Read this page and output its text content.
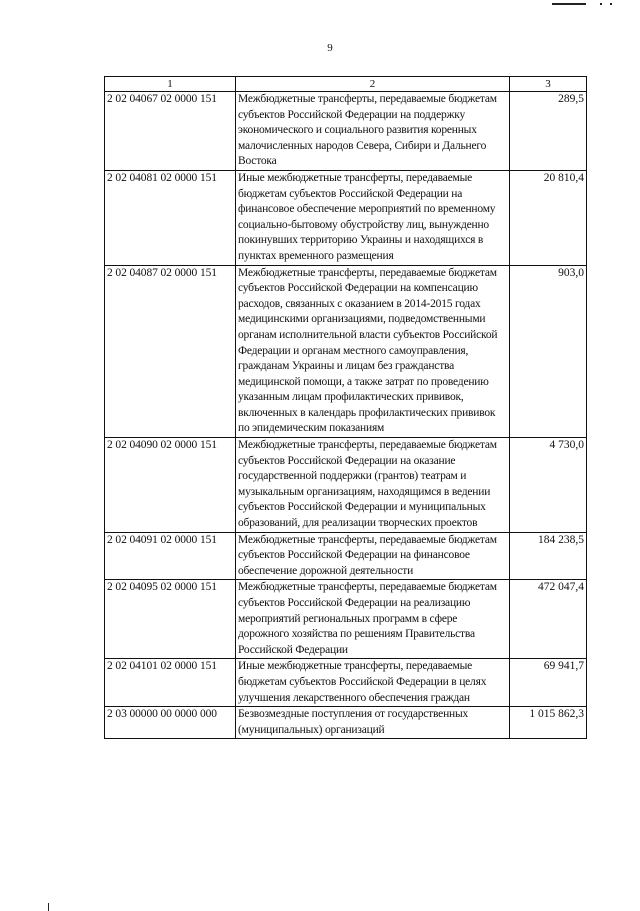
9
1	2	3
2 02 04067 02 0000 151	Межбюджетные трансферты, передаваемые бюджетам субъектов Российской Федерации на поддержку экономического и социального развития коренных малочисленных народов Севера, Сибири и Дальнего Востока	289,5
2 02 04081 02 0000 151	Иные межбюджетные трансферты, передаваемые бюджетам субъектов Российской Федерации на финансовое обеспечение мероприятий по временному социально-бытовому обустройству лиц, вынужденно покинувших территорию Украины и находящихся в пунктах временного размещения	20 810,4
2 02 04087 02 0000 151	Межбюджетные трансферты, передаваемые бюджетам субъектов Российской Федерации на компенсацию расходов, связанных с оказанием в 2014-2015 годах медицинскими организациями, подведомственными органам исполнительной власти субъектов Российской Федерации и органам местного самоуправления, гражданам Украины и лицам без гражданства медицинской помощи, а также затрат по проведению указанным лицам профилактических прививок, включенных в календарь профилактических прививок по эпидемическим показаниям	903,0
2 02 04090 02 0000 151	Межбюджетные трансферты, передаваемые бюджетам субъектов Российской Федерации на оказание государственной поддержки (грантов) театрам и музыкальным организациям, находящимся в ведении субъектов Российской Федерации и муниципальных образований, для реализации творческих проектов	4 730,0
2 02 04091 02 0000 151	Межбюджетные трансферты, передаваемые бюджетам субъектов Российской Федерации на финансовое обеспечение дорожной деятельности	184 238,5
2 02 04095 02 0000 151	Межбюджетные трансферты, передаваемые бюджетам субъектов Российской Федерации на реализацию мероприятий региональных программ в сфере дорожного хозяйства по решениям Правительства Российской Федерации	472 047,4
2 02 04101 02 0000 151	Иные межбюджетные трансферты, передаваемые бюджетам субъектов Российской Федерации в целях улучшения лекарственного обеспечения граждан	69 941,7
2 03 00000 00 0000 000	Безвозмездные поступления от государственных (муниципальных) организаций	1 015 862,3
